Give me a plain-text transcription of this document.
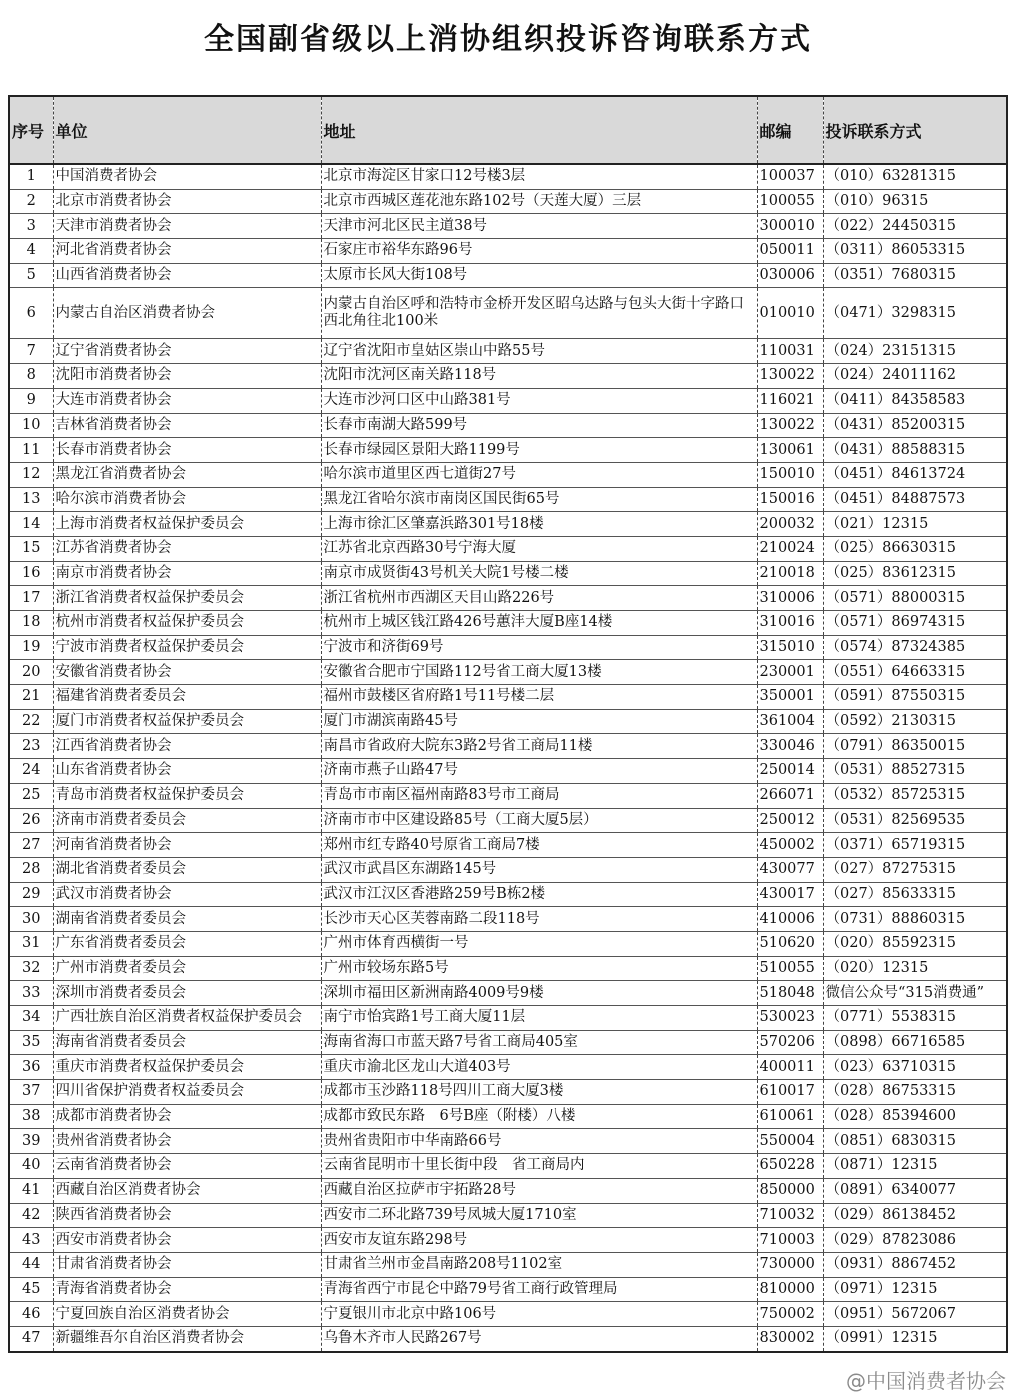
全国副省级以上消协组织投诉咨询联系方式
序号	单位	地址	邮编	投诉联系方式
1	中国消费者协会	北京市海淀区甘家口12号楼3层	100037	（010）63281315
2	北京市消费者协会	北京市西城区莲花池东路102号（天莲大厦）三层	100055	（010）96315
3	天津市消费者协会	天津市河北区民主道38号	300010	（022）24450315
4	河北省消费者协会	石家庄市裕华东路96号	050011	（0311）86053315
5	山西省消费者协会	太原市长风大街108号	030006	（0351）7680315
6	内蒙古自治区消费者协会	内蒙古自治区呼和浩特市金桥开发区昭乌达路与包头大街十字路口西北角往北100米	010010	（0471）3298315
7	辽宁省消费者协会	辽宁省沈阳市皇姑区崇山中路55号	110031	（024）23151315
8	沈阳市消费者协会	沈阳市沈河区南关路118号	130022	（024）24011162
9	大连市消费者协会	大连市沙河口区中山路381号	116021	（0411）84358583
10	吉林省消费者协会	长春市南湖大路599号	130022	（0431）85200315
11	长春市消费者协会	长春市绿园区景阳大路1199号	130061	（0431）88588315
12	黑龙江省消费者协会	哈尔滨市道里区西七道街27号	150010	（0451）84613724
13	哈尔滨市消费者协会	黑龙江省哈尔滨市南岗区国民街65号	150016	（0451）84887573
14	上海市消费者权益保护委员会	上海市徐汇区肇嘉浜路301号18楼	200032	（021）12315
15	江苏省消费者协会	江苏省北京西路30号宁海大厦	210024	（025）86630315
16	南京市消费者协会	南京市成贤街43号机关大院1号楼二楼	210018	（025）83612315
17	浙江省消费者权益保护委员会	浙江省杭州市西湖区天目山路226号	310006	（0571）88000315
18	杭州市消费者权益保护委员会	杭州市上城区钱江路426号蕙沣大厦B座14楼	310016	（0571）86974315
19	宁波市消费者权益保护委员会	宁波市和济街69号	315010	（0574）87324385
20	安徽省消费者协会	安徽省合肥市宁国路112号省工商大厦13楼	230001	（0551）64663315
21	福建省消费者委员会	福州市鼓楼区省府路1号11号楼二层	350001	（0591）87550315
22	厦门市消费者权益保护委员会	厦门市湖滨南路45号	361004	（0592）2130315
23	江西省消费者协会	南昌市省政府大院东3路2号省工商局11楼	330046	（0791）86350015
24	山东省消费者协会	济南市燕子山路47号	250014	（0531）88527315
25	青岛市消费者权益保护委员会	青岛市市南区福州南路83号市工商局	266071	（0532）85725315
26	济南市消费者委员会	济南市市中区建设路85号（工商大厦5层）	250012	（0531）82569535
27	河南省消费者协会	郑州市红专路40号原省工商局7楼	450002	（0371）65719315
28	湖北省消费者委员会	武汉市武昌区东湖路145号	430077	（027）87275315
29	武汉市消费者协会	武汉市江汉区香港路259号B栋2楼	430017	（027）85633315
30	湖南省消费者委员会	长沙市天心区芙蓉南路二段118号	410006	（0731）88860315
31	广东省消费者委员会	广州市体育西横街一号	510620	（020）85592315
32	广州市消费者委员会	广州市较场东路5号	510055	（020）12315
33	深圳市消费者委员会	深圳市福田区新洲南路4009号9楼	518048	微信公众号“315消费通”
34	广西壮族自治区消费者权益保护委员会	南宁市怡宾路1号工商大厦11层	530023	（0771）5538315
35	海南省消费者委员会	海南省海口市蓝天路7号省工商局405室	570206	（0898）66716585
36	重庆市消费者权益保护委员会	重庆市渝北区龙山大道403号	400011	（023）63710315
37	四川省保护消费者权益委员会	成都市玉沙路118号四川工商大厦3楼	610017	（028）86753315
38	成都市消费者协会	成都市致民东路　6号B座（附楼）八楼	610061	（028）85394600
39	贵州省消费者协会	贵州省贵阳市中华南路66号	550004	（0851）6830315
40	云南省消费者协会	云南省昆明市十里长街中段　省工商局内	650228	（0871）12315
41	西藏自治区消费者协会	西藏自治区拉萨市宇拓路28号	850000	（0891）6340077
42	陕西省消费者协会	西安市二环北路739号凤城大厦1710室	710032	（029）86138452
43	西安市消费者协会	西安市友谊东路298号	710003	（029）87823086
44	甘肃省消费者协会	甘肃省兰州市金昌南路208号1102室	730000	（0931）8867452
45	青海省消费者协会	青海省西宁市昆仑中路79号省工商行政管理局	810000	（0971）12315
46	宁夏回族自治区消费者协会	宁夏银川市北京中路106号	750002	（0951）5672067
47	新疆维吾尔自治区消费者协会	乌鲁木齐市人民路267号	830002	（0991）12315
@中国消费者协会
